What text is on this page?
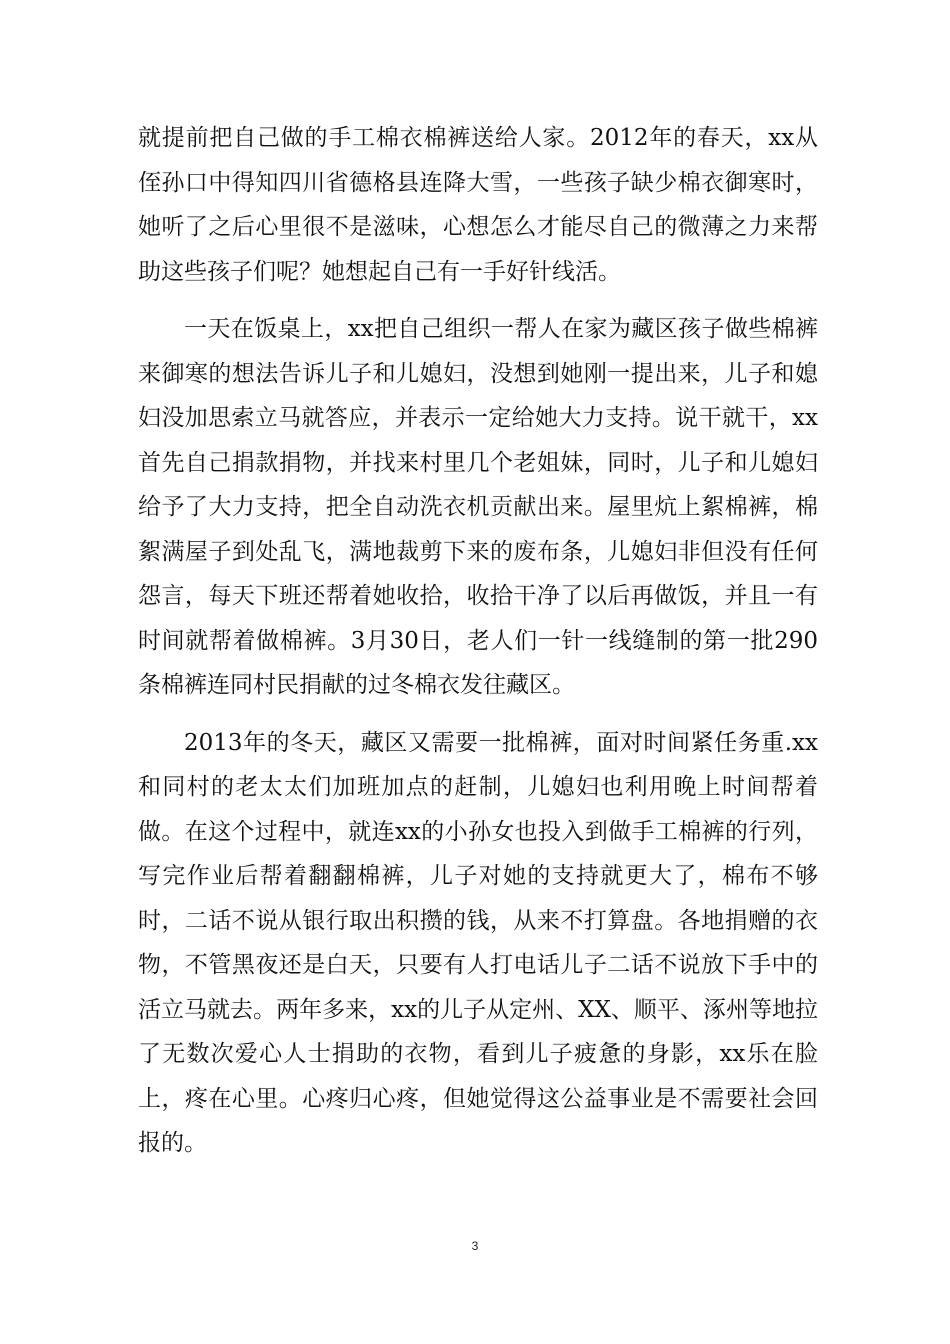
就提前把自己做的手工棉衣棉裤送给人家。2012年的春天，xx从侄孙口中得知四川省德格县连降大雪，一些孩子缺少棉衣御寒时，她听了之后心里很不是滋味，心想怎么才能尽自己的微薄之力来帮助这些孩子们呢？她想起自己有一手好针线活。

一天在饭桌上，xx把自己组织一帮人在家为藏区孩子做些棉裤来御寒的想法告诉儿子和儿媳妇，没想到她刚一提出来，儿子和媳妇没加思索立马就答应，并表示一定给她大力支持。说干就干，xx首先自己捐款捐物，并找来村里几个老姐妹，同时，儿子和儿媳妇给予了大力支持，把全自动洗衣机贡献出来。屋里炕上絮棉裤，棉絮满屋子到处乱飞，满地裁剪下来的废布条，儿媳妇非但没有任何怨言，每天下班还帮着她收拾，收拾干净了以后再做饭，并且一有时间就帮着做棉裤。3月30日，老人们一针一线缝制的第一批290条棉裤连同村民捐献的过冬棉衣发往藏区。

2013年的冬天，藏区又需要一批棉裤，面对时间紧任务重.xx和同村的老太太们加班加点的赶制，儿媳妇也利用晚上时间帮着做。在这个过程中，就连xx的小孙女也投入到做手工棉裤的行列，写完作业后帮着翻翻棉裤，儿子对她的支持就更大了，棉布不够时，二话不说从银行取出积攒的钱，从来不打算盘。各地捐赠的衣物，不管黑夜还是白天，只要有人打电话儿子二话不说放下手中的活立马就去。两年多来，xx的儿子从定州、XX、顺平、涿州等地拉了无数次爱心人士捐助的衣物，看到儿子疲惫的身影，xx乐在脸上，疼在心里。心疼归心疼，但她觉得这公益事业是不需要社会回报的。

3
